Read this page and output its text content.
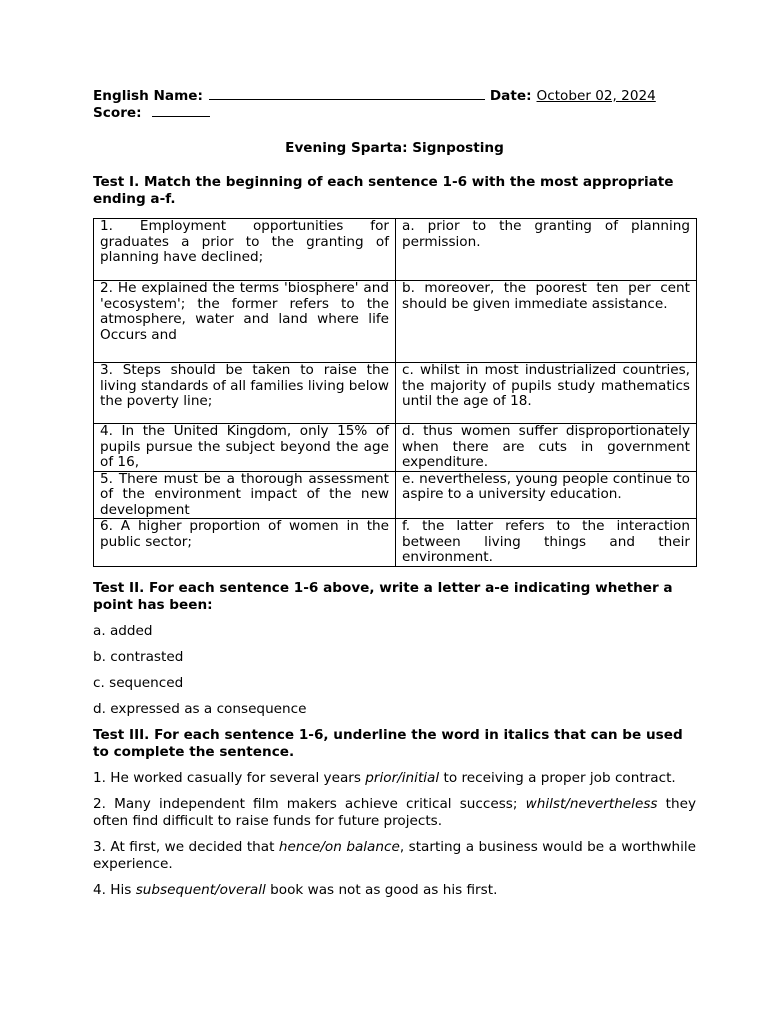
English Name:	Date: October 02, 2024
Score:
Evening Sparta: Signposting
Test I. Match the beginning of each sentence 1-6 with the most appropriate ending a-f.
1. Employment opportunities for graduates a prior to the granting of planning have declined;	a. prior to the granting of planning permission.
2. He explained the terms 'biosphere' and 'ecosystem'; the former refers to the atmosphere, water and land where life Occurs and	b. moreover, the poorest ten per cent should be given immediate assistance.
3. Steps should be taken to raise the living standards of all families living below the poverty line;	c. whilst in most industrialized countries, the majority of pupils study mathematics until the age of 18.
4. In the United Kingdom, only 15% of pupils pursue the subject beyond the age of 16,	d. thus women suffer disproportionately when there are cuts in government expenditure.
5. There must be a thorough assessment of the environment impact of the new development	e. nevertheless, young people continue to aspire to a university education.
6. A higher proportion of women in the public sector;	f. the latter refers to the interaction between living things and their environment.
Test II. For each sentence 1-6 above, write a letter a-e indicating whether a point has been:
a. added
b. contrasted
c. sequenced
d. expressed as a consequence
Test III. For each sentence 1-6, underline the word in italics that can be used to complete the sentence.
1. He worked casually for several years prior/initial to receiving a proper job contract.
2. Many independent film makers achieve critical success; whilst/nevertheless they often find difficult to raise funds for future projects.
3. At first, we decided that hence/on balance, starting a business would be a worthwhile experience.
4. His subsequent/overall book was not as good as his first.
